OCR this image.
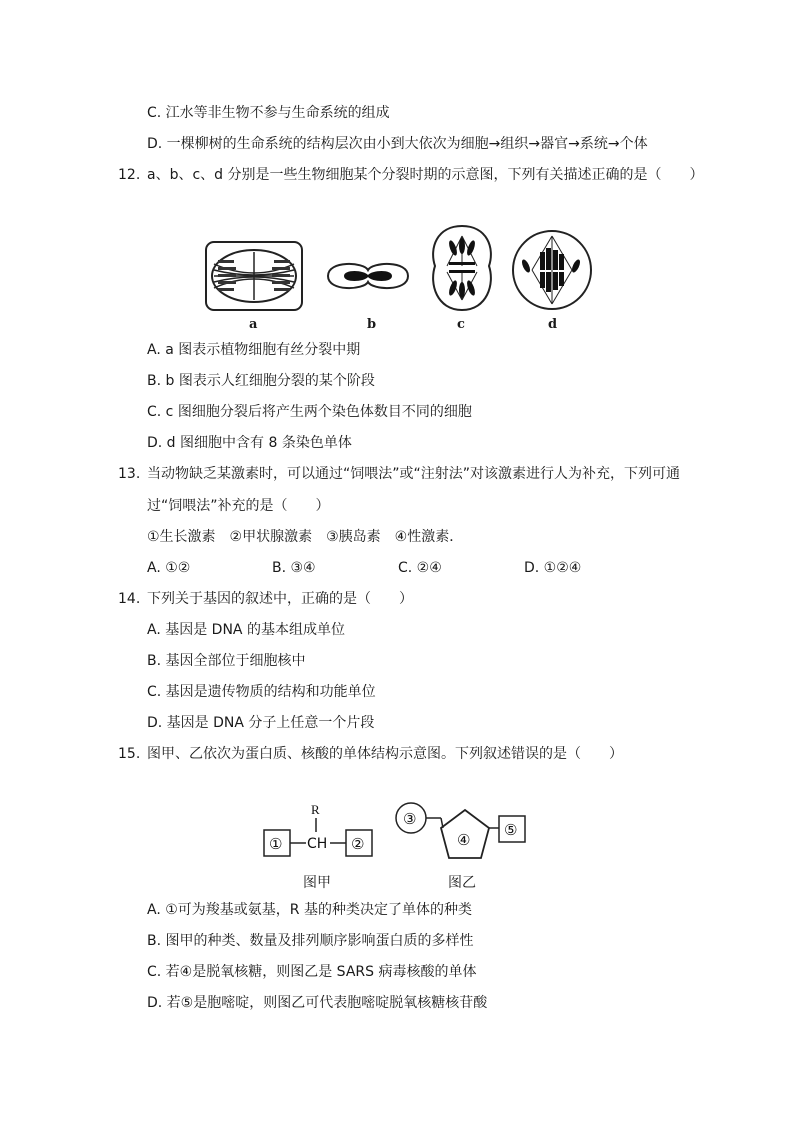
C. 江水等非生物不参与生命系统的组成
D. 一棵柳树的生命系统的结构层次由小到大依次为细胞→组织→器官→系统→个体
12. a、b、c、d 分别是一些生物细胞某个分裂时期的示意图，下列有关描述正确的是（　　）
a	b	c	d
A. a 图表示植物细胞有丝分裂中期
B. b 图表示人红细胞分裂的某个阶段
C. c 图细胞分裂后将产生两个染色体数目不同的细胞
D. d 图细胞中含有 8 条染色单体
13. 当动物缺乏某激素时，可以通过“饲喂法”或“注射法”对该激素进行人为补充，下列可通
过“饲喂法”补充的是（　　）
①生长激素　②甲状腺激素　③胰岛素　④性激素．
A. ①②	B. ③④	C. ②④	D. ①②④
14. 下列关于基因的叙述中，正确的是（　　）
A. 基因是 DNA 的基本组成单位
B. 基因全部位于细胞核中
C. 基因是遗传物质的结构和功能单位
D. 基因是 DNA 分子上任意一个片段
15. 图甲、乙依次为蛋白质、核酸的单体结构示意图。下列叙述错误的是（　　）
R
① CH ②
图甲
③
④
⑤
图乙
A. ①可为羧基或氨基，R 基的种类决定了单体的种类
B. 图甲的种类、数量及排列顺序影响蛋白质的多样性
C. 若④是脱氧核糖，则图乙是 SARS 病毒核酸的单体
D. 若⑤是胞嘧啶，则图乙可代表胞嘧啶脱氧核糖核苷酸
